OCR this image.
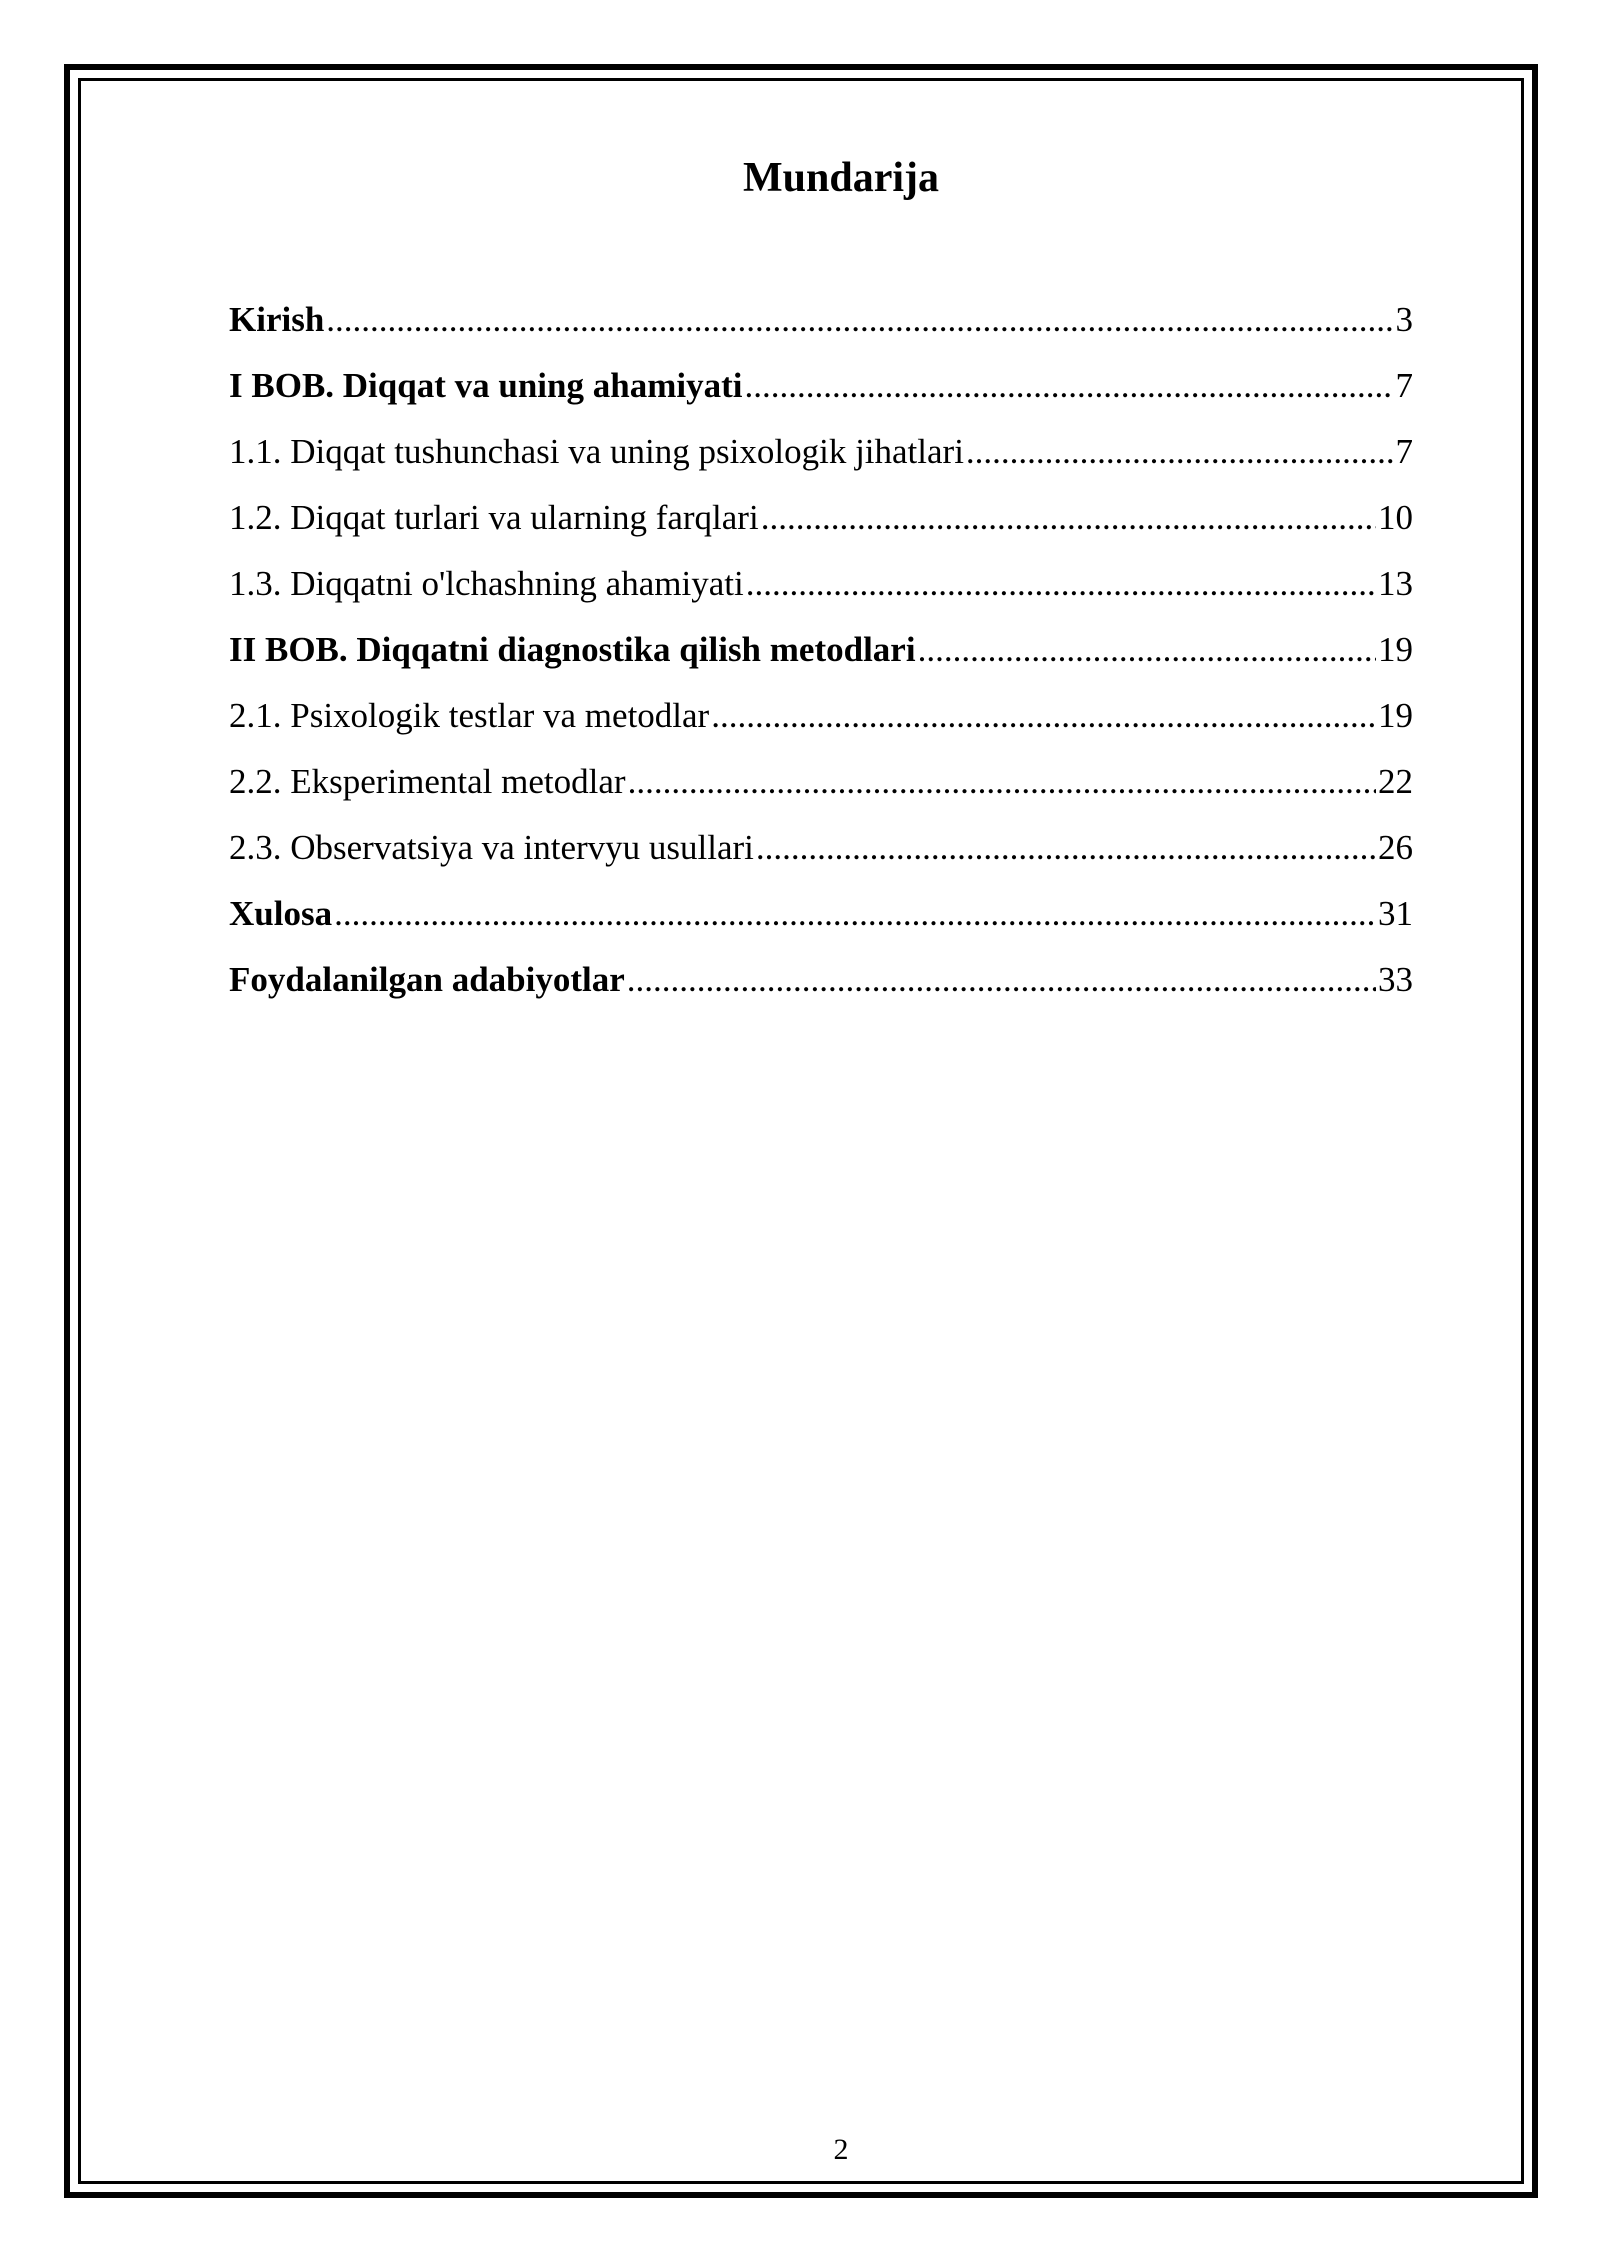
Mundarija
Kirish .....	3
I BOB. Diqqat va uning ahamiyati .....	7
1.1. Diqqat tushunchasi va uning psixologik jihatlari .....	7
1.2. Diqqat turlari va ularning farqlari .....	10
1.3. Diqqatni o'lchashning ahamiyati .....	13
II BOB. Diqqatni diagnostika qilish metodlari .....	19
2.1. Psixologik testlar va metodlar .....	19
2.2. Eksperimental metodlar .....	22
2.3. Observatsiya va intervyu usullari .....	26
Xulosa .....	31
Foydalanilgan adabiyotlar .....	33
2
